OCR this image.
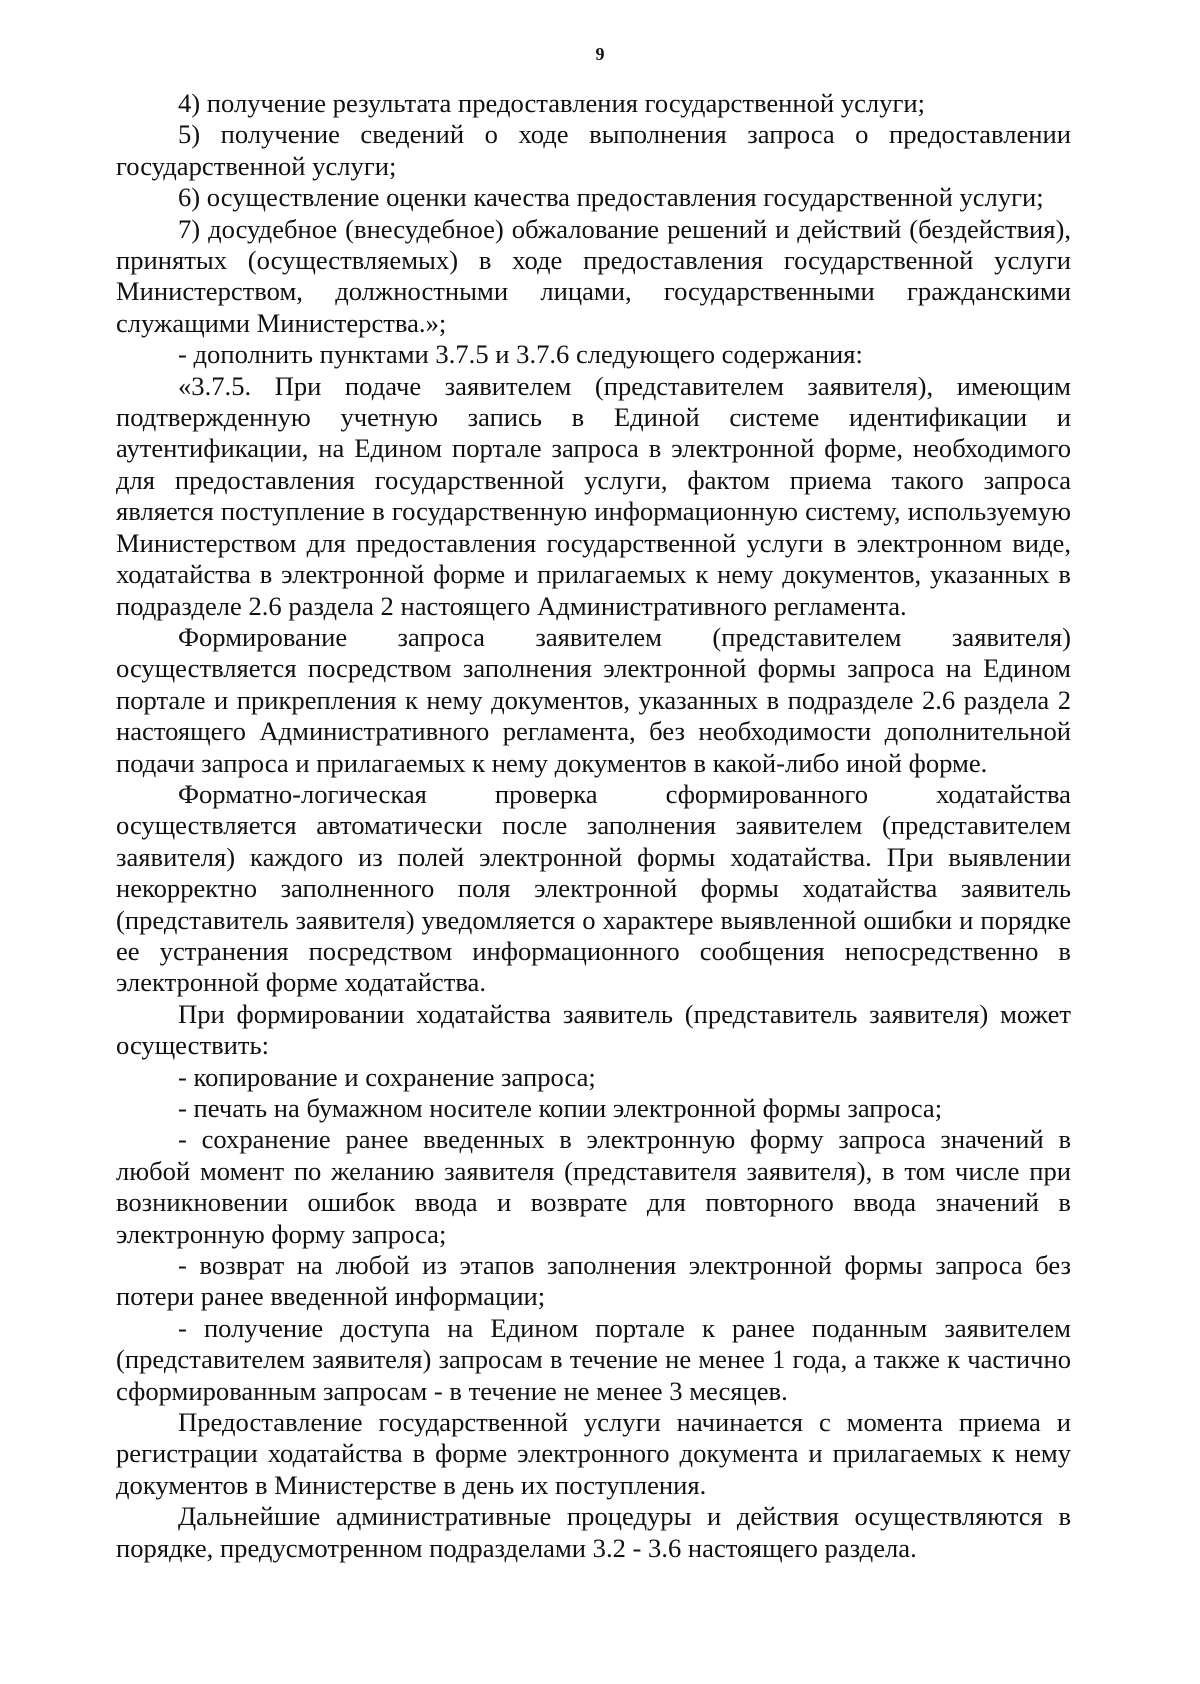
9

4) получение результата предоставления государственной услуги;

5) получение сведений о ходе выполнения запроса о предоставлении государственной услуги;

6) осуществление оценки качества предоставления государственной услуги;

7) досудебное (внесудебное) обжалование решений и действий (бездействия), принятых (осуществляемых) в ходе предоставления государственной услуги Министерством, должностными лицами, государственными гражданскими служащими Министерства.»;

- дополнить пунктами 3.7.5 и 3.7.6 следующего содержания:

«3.7.5. При подаче заявителем (представителем заявителя), имеющим подтвержденную учетную запись в Единой системе идентификации и аутентификации, на Едином портале запроса в электронной форме, необходимого для предоставления государственной услуги, фактом приема такого запроса является поступление в государственную информационную систему, используемую Министерством для предоставления государственной услуги в электронном виде, ходатайства в электронной форме и прилагаемых к нему документов, указанных в подразделе 2.6 раздела 2 настоящего Административного регламента.

Формирование запроса заявителем (представителем заявителя) осуществляется посредством заполнения электронной формы запроса на Едином портале и прикрепления к нему документов, указанных в подразделе 2.6 раздела 2 настоящего Административного регламента, без необходимости дополнительной подачи запроса и прилагаемых к нему документов в какой-либо иной форме.

Форматно-логическая проверка сформированного ходатайства осуществляется автоматически после заполнения заявителем (представителем заявителя) каждого из полей электронной формы ходатайства. При выявлении некорректно заполненного поля электронной формы ходатайства заявитель (представитель заявителя) уведомляется о характере выявленной ошибки и порядке ее устранения посредством информационного сообщения непосредственно в электронной форме ходатайства.

При формировании ходатайства заявитель (представитель заявителя) может осуществить:

- копирование и сохранение запроса;

- печать на бумажном носителе копии электронной формы запроса;

- сохранение ранее введенных в электронную форму запроса значений в любой момент по желанию заявителя (представителя заявителя), в том числе при возникновении ошибок ввода и возврате для повторного ввода значений в электронную форму запроса;

- возврат на любой из этапов заполнения электронной формы запроса без потери ранее введенной информации;

- получение доступа на Едином портале к ранее поданным заявителем (представителем заявителя) запросам в течение не менее 1 года, а также к частично сформированным запросам - в течение не менее 3 месяцев.

Предоставление государственной услуги начинается с момента приема и регистрации ходатайства в форме электронного документа и прилагаемых к нему документов в Министерстве в день их поступления.

Дальнейшие административные процедуры и действия осуществляются в порядке, предусмотренном подразделами 3.2 - 3.6 настоящего раздела.
